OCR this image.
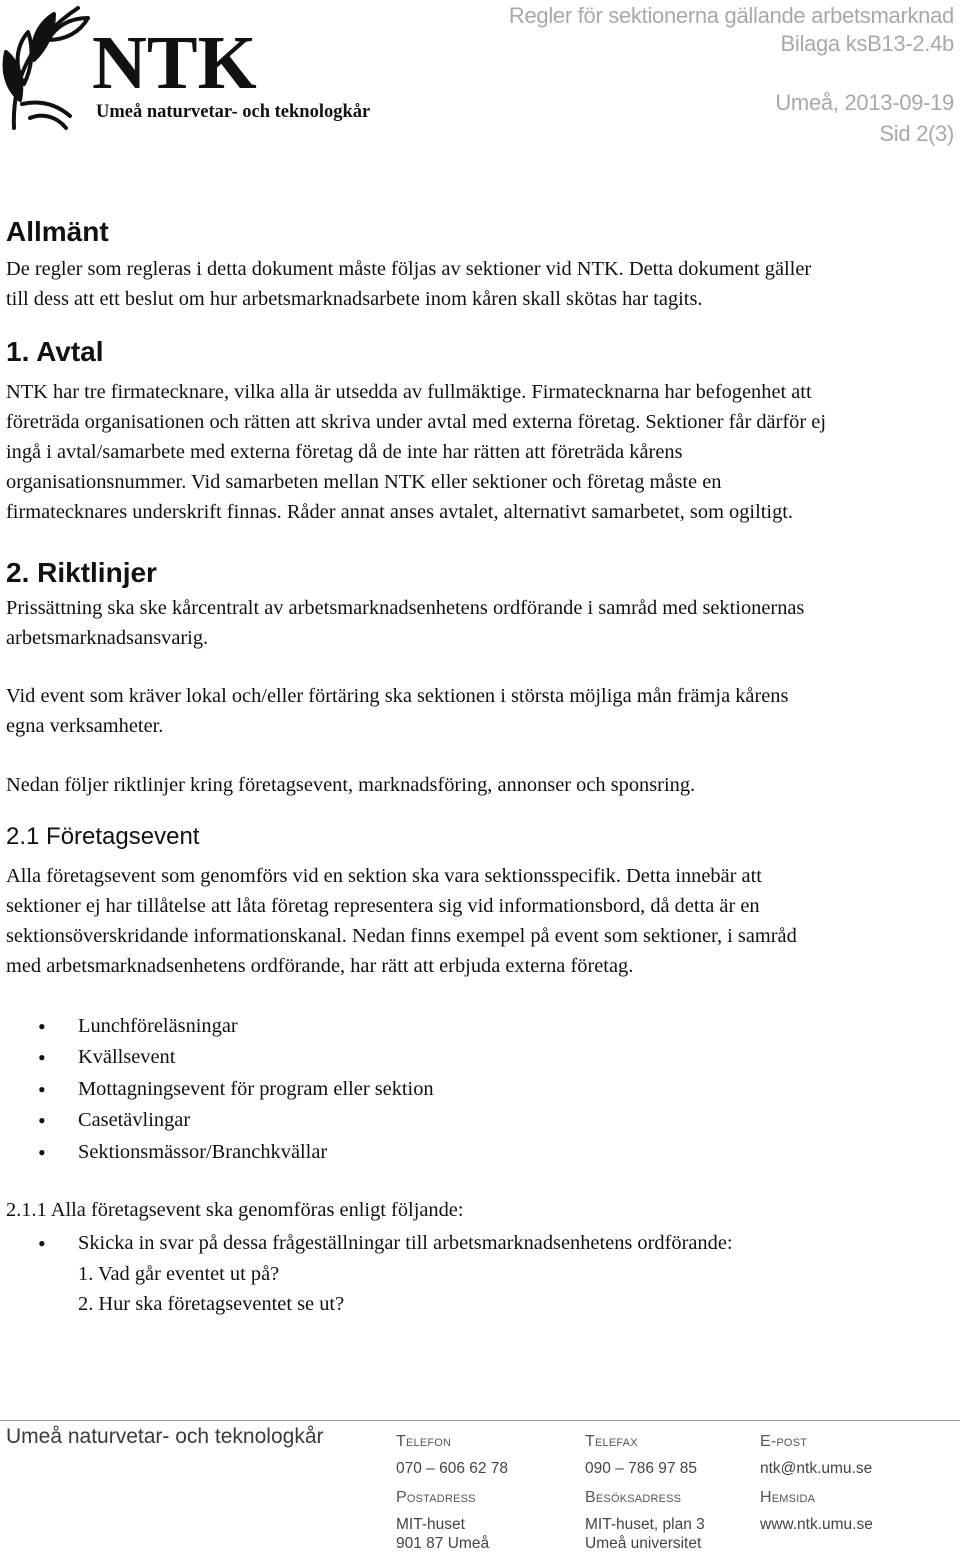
NTK
Umeå naturvetar- och teknologkår
Regler för sektionerna gällande arbetsmarknad
Bilaga ksB13-2.4b
Umeå, 2013-09-19
Sid 2(3)
Allmänt

De regler som regleras i detta dokument måste följas av sektioner vid NTK. Detta dokument gäller
till dess att ett beslut om hur arbetsmarknadsarbete inom kåren skall skötas har tagits.

1. Avtal

NTK har tre firmatecknare, vilka alla är utsedda av fullmäktige. Firmatecknarna har befogenhet att
företräda organisationen och rätten att skriva under avtal med externa företag. Sektioner får därför ej
ingå i avtal/samarbete med externa företag då de inte har rätten att företräda kårens
organisationsnummer. Vid samarbeten mellan NTK eller sektioner och företag måste en
firmatecknares underskrift finnas. Råder annat anses avtalet, alternativt samarbetet, som ogiltigt.

2. Riktlinjer

Prissättning ska ske kårcentralt av arbetsmarknadsenhetens ordförande i samråd med sektionernas
arbetsmarknadsansvarig.

Vid event som kräver lokal och/eller förtäring ska sektionen i största möjliga mån främja kårens
egna verksamheter.

Nedan följer riktlinjer kring företagsevent, marknadsföring, annonser och sponsring.

2.1 Företagsevent

Alla företagsevent som genomförs vid en sektion ska vara sektionsspecifik. Detta innebär att
sektioner ej har tillåtelse att låta företag representera sig vid informationsbord, då detta är en
sektionsöverskridande informationskanal. Nedan finns exempel på event som sektioner, i samråd
med arbetsmarknadsenhetens ordförande, har rätt att erbjuda externa företag.

• Lunchföreläsningar
• Kvällsevent
• Mottagningsevent för program eller sektion
• Casetävlingar
• Sektionsmässor/Branchkvällar

2.1.1 Alla företagsevent ska genomföras enligt följande:

• Skicka in svar på dessa frågeställningar till arbetsmarknadsenhetens ordförande:
1. Vad går eventet ut på?
2. Hur ska företagseventet se ut?
Umeå naturvetar- och teknologkår	Telefon
070 – 606 62 78
Telefax
090 – 786 97 85
E-post
ntk@ntk.umu.se
Postadress
MIT-huset
901 87 Umeå
Besöksadress
MIT-huset, plan 3
Umeå universitet
Hemsida
www.ntk.umu.se
